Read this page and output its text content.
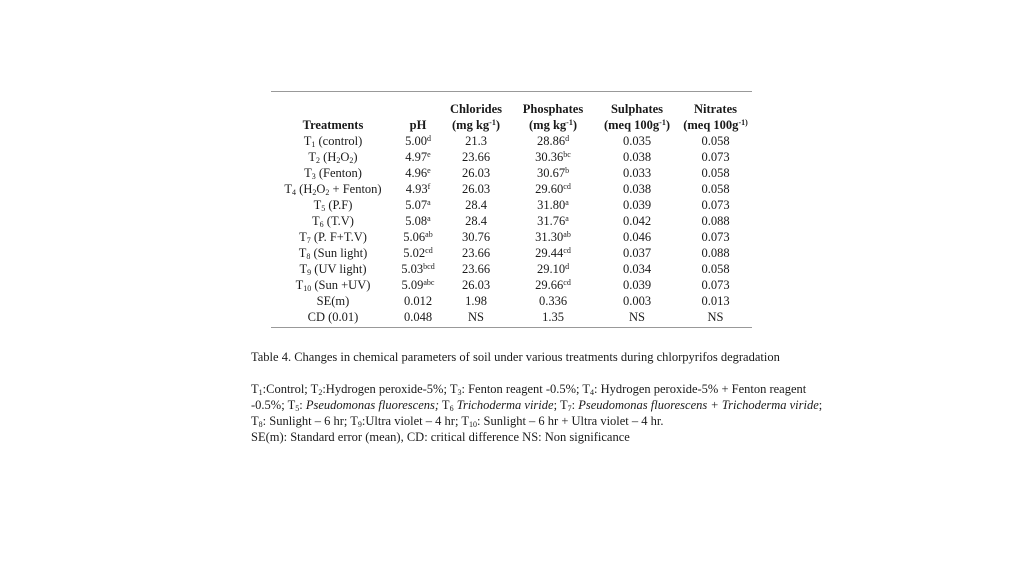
		Chlorides	Phosphates	Sulphates	Nitrates
Treatments	pH	(mg $kg^{-1}$)	(mg $kg^{-1}$)	(meq $100g^{-1}$)	(meq $100g^{-1)}$
$T_1$ (control)	5.00$^d$	21.3	28.86$^d$	0.035	0.058
$T_2$ $(H_2O_2)$	4.97e	23.66	30.36$^{bc}$	0.038	0.073
$T_3$ (Fenton)	4.96e	26.03	30.67$^b$	0.033	0.058
$T_4$ ($H_2O_2$ + Fenton)	4.93$^f$	26.03	29.60$^{cd}$	0.038	0.058
$T_5$ (P.F)	5.07$^a$	28.4	31.80$^a$	0.039	0.073
$T_6$ (T.V)	5.08$^a$	28.4	31.76$^a$	0.042	0.088
$T_7$ (P. F+T.V)	5.06$^{ab}$	30.76	31.30$^{ab}$	0.046	0.073
$T_8$ (Sun light)	5.02$^{cd}$	23.66	29.44$^{cd}$	0.037	0.088
$T_9$ (UV light)	5.03$^{bcd}$	23.66	29.10$^d$	0.034	0.058
$T_{10}$ (Sun +UV)	5.09$^{abc}$	26.03	29.66$^{cd}$	0.039	0.073
SE(m)	0.012	1.98	0.336	0.003	0.013
CD (0.01)	0.048	NS	1.35	NS	NS
Table 4. Changes in chemical parameters of soil under various treatments during chlorpyrifos degradation
$T_1:Control$; $T_2:Hydrogen$ peroxide-5%; $T_3$: Fenton reagent -0.5%; $T_4$: Hydrogen peroxide-5% + Fenton reagent -0.5%; $T_5$: Pseudomonas fluorescens; $T_6$ Trichoderma viride; $T_7$: Pseudomonas fluorescens + Trichoderma viride; $T_8$: Sunlight – 6 hr; $T_9:Ultra$ violet – 4 hr; $T_{10}$: Sunlight – 6 hr + Ultra violet – 4 hr.
SE(m): Standard error (mean), CD: critical difference NS: Non significance
